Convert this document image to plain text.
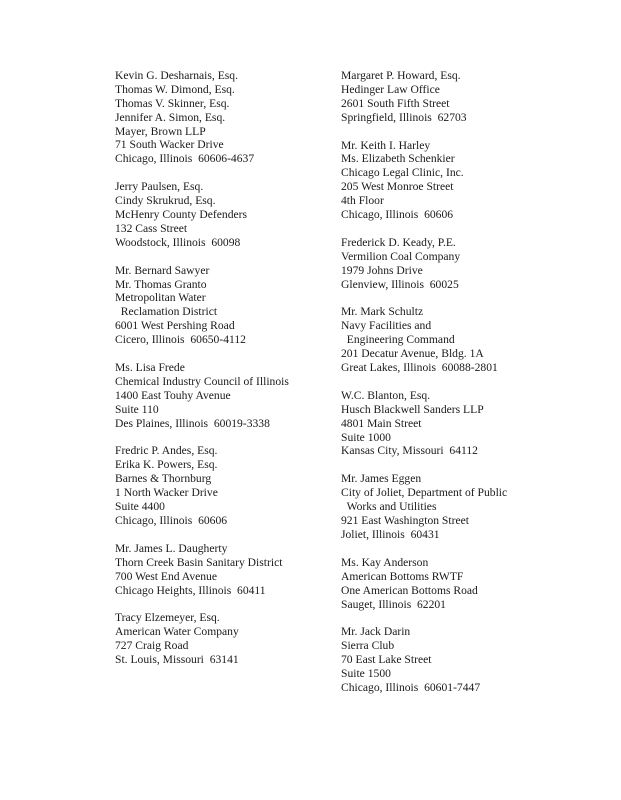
Kevin G. Desharnais, Esq.
Thomas W. Dimond, Esq.
Thomas V. Skinner, Esq.
Jennifer A. Simon, Esq.
Mayer, Brown LLP
71 South Wacker Drive
Chicago, Illinois  60606-4637
Jerry Paulsen, Esq.
Cindy Skrukrud, Esq.
McHenry County Defenders
132 Cass Street
Woodstock, Illinois  60098
Mr. Bernard Sawyer
Mr. Thomas Granto
Metropolitan Water
Reclamation District
6001 West Pershing Road
Cicero, Illinois  60650-4112
Ms. Lisa Frede
Chemical Industry Council of Illinois
1400 East Touhy Avenue
Suite 110
Des Plaines, Illinois  60019-3338
Fredric P. Andes, Esq.
Erika K. Powers, Esq.
Barnes & Thornburg
1 North Wacker Drive
Suite 4400
Chicago, Illinois  60606
Mr. James L. Daugherty
Thorn Creek Basin Sanitary District
700 West End Avenue
Chicago Heights, Illinois  60411
Tracy Elzemeyer, Esq.
American Water Company
727 Craig Road
St. Louis, Missouri  63141
Margaret P. Howard, Esq.
Hedinger Law Office
2601 South Fifth Street
Springfield, Illinois  62703
Mr. Keith I. Harley
Ms. Elizabeth Schenkier
Chicago Legal Clinic, Inc.
205 West Monroe Street
4th Floor
Chicago, Illinois  60606
Frederick D. Keady, P.E.
Vermilion Coal Company
1979 Johns Drive
Glenview, Illinois  60025
Mr. Mark Schultz
Navy Facilities and
Engineering Command
201 Decatur Avenue, Bldg. 1A
Great Lakes, Illinois  60088-2801
W.C. Blanton, Esq.
Husch Blackwell Sanders LLP
4801 Main Street
Suite 1000
Kansas City, Missouri  64112
Mr. James Eggen
City of Joliet, Department of Public
Works and Utilities
921 East Washington Street
Joliet, Illinois  60431
Ms. Kay Anderson
American Bottoms RWTF
One American Bottoms Road
Sauget, Illinois  62201
Mr. Jack Darin
Sierra Club
70 East Lake Street
Suite 1500
Chicago, Illinois  60601-7447
